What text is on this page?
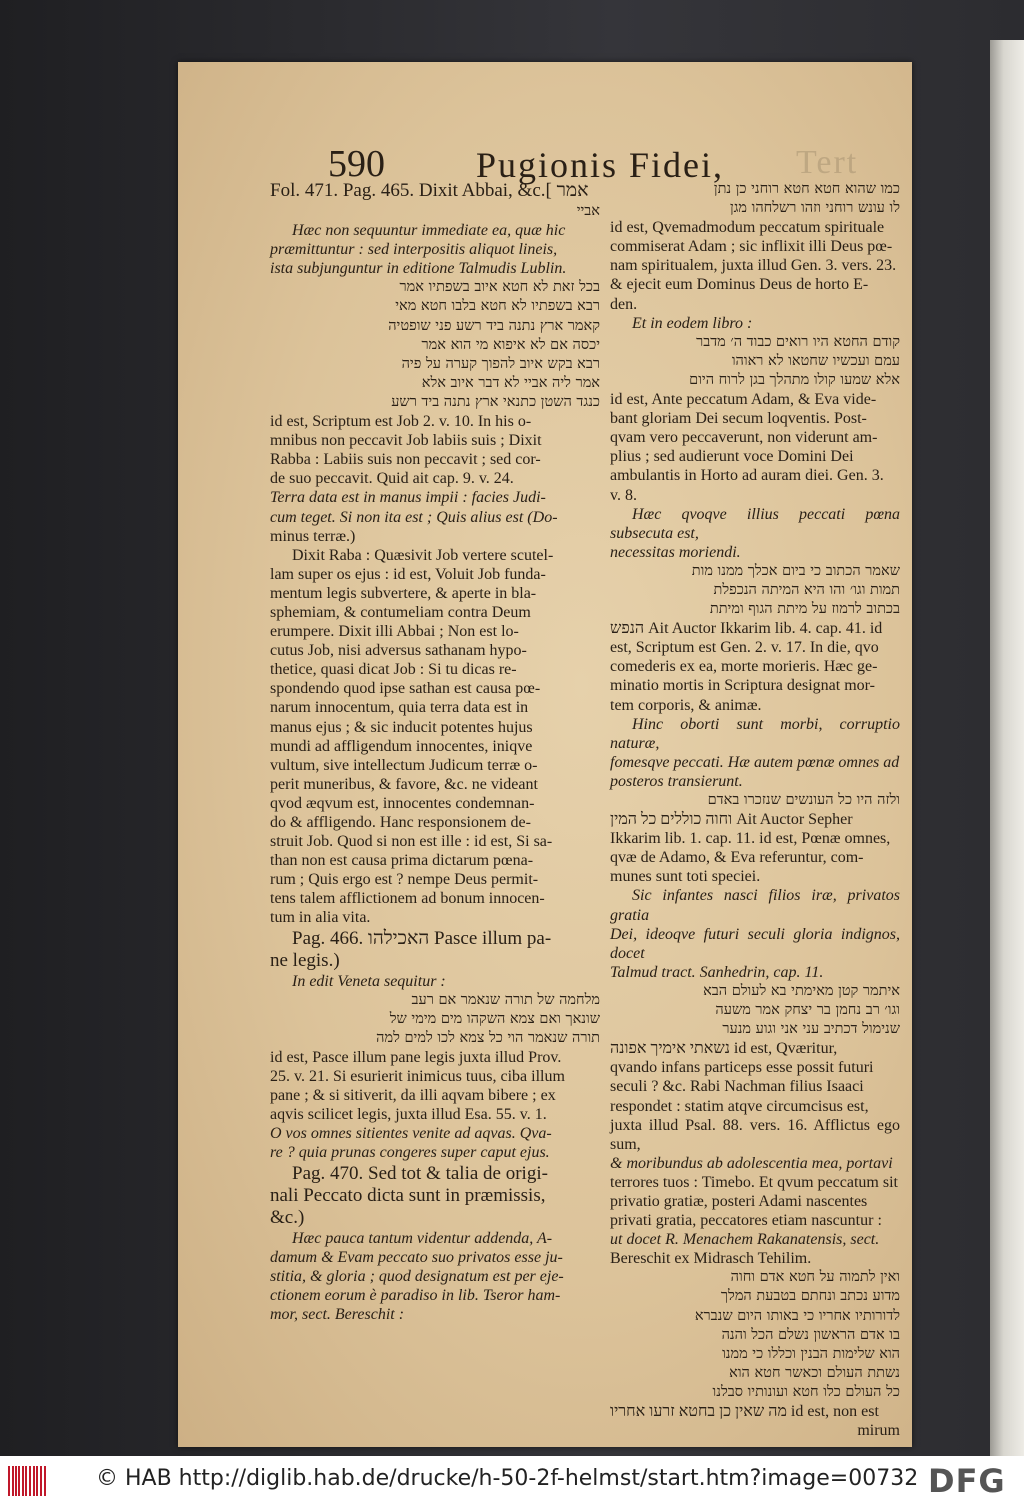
590	Pugionis Fidei, Tert

Fol. 471. Pag. 465. Dixit Abbai, &c.[ אמר

אביי

Hæc non sequuntur immediate ea, quæ hic

præmittuntur : sed interpositis aliquot lineis,

ista subjunguntur in editione Talmudis Lublin.

בכל זאת לא חטא איוב בשפתיו אמר

רבא בשפתיו לא חטא בלבו חטא מאי

קאמר ארץ נתנה ביד רשע פני שופטיה

יכסה אם לא איפוא מי הוא אמר

רבא בקש איוב להפוך קערה על פיה

אמר ליה אביי לא דבר איוב אלא

כנגד השטן כתנאי ארץ נתנה ביד רשע

id est, Scriptum est Job 2. v. 10. In his o-

mnibus non peccavit Job labiis suis ; Dixit

Rabba : Labiis suis non peccavit ; sed cor-

de suo peccavit. Quid ait cap. 9. v. 24.

Terra data est in manus impii : facies Judi-

cum teget. Si non ita est ; Quis alius est (Do-

minus terræ.)

Dixit Raba : Quæsivit Job vertere scutel-

lam super os ejus : id est, Voluit Job funda-

mentum legis subvertere, & aperte in bla-

sphemiam, & contumeliam contra Deum

erumpere. Dixit illi Abbai ; Non est lo-

cutus Job, nisi adversus sathanam hypo-

thetice, quasi dicat Job : Si tu dicas re-

spondendo quod ipse sathan est causa pœ-

narum innocentum, quia terra data est in

manus ejus ; & sic inducit potentes hujus

mundi ad affligendum innocentes, iniqve

vultum, sive intellectum Judicum terræ o-

perit muneribus, & favore, &c. ne videant

qvod æqvum est, innocentes condemnan-

do & affligendo. Hanc responsionem de-

struit Job. Quod si non est ille : id est, Si sa-

than non est causa prima dictarum pœna-

rum ; Quis ergo est ? nempe Deus permit-

tens talem afflictionem ad bonum innocen-

tum in alia vita.

Pag. 466. האכילהו Pasce illum pa-

ne legis.)

In edit Veneta sequitur :

מלחמה של תורה שנאמר אם רעב

שונאך ואם צמא השקהו מים מימי של

תורה שנאמר הוי כל צמא לכו למים למה

id est, Pasce illum pane legis juxta illud Prov.

25. v. 21. Si esurierit inimicus tuus, ciba illum

pane ; & si sitiverit, da illi aqvam bibere ; ex

aqvis scilicet legis, juxta illud Esa. 55. v. 1.

O vos omnes sitientes venite ad aqvas. Qva-

re ? quia prunas congeres super caput ejus.

Pag. 470. Sed tot & talia de origi-

nali Peccato dicta sunt in præmissis,

&c.)

Hæc pauca tantum videntur addenda, A-

damum & Evam peccato suo privatos esse ju-

stitia, & gloria ; quod designatum est per eje-

ctionem eorum è paradiso in lib. Tseror ham-

mor, sect. Bereschit :

כמו שהוא חטא חטא רוחני כן נתן

לו עונש רוחני וזהו רשלחהו מגן

id est, Qvemadmodum peccatum spirituale

commiserat Adam ; sic inflixit illi Deus pœ-

nam spiritualem, juxta illud Gen. 3. vers. 23.

& ejecit eum Dominus Deus de horto E-

den.

Et in eodem libro :

קודם החטא היו רואים כבוד ה׳ מדבר

עמם ועכשיו שחטאו לא ראוהו

אלא שמעו קולו מתהלך בגן לרוח היום

id est, Ante peccatum Adam, & Eva vide-

bant gloriam Dei secum loqventis. Post-

qvam vero peccaverunt, non viderunt am-

plius ; sed audierunt voce Domini Dei

ambulantis in Horto ad auram diei. Gen. 3.

v. 8.

Hæc qvoqve illius peccati pœna subsecuta est,

necessitas moriendi.

שאמר הכתוב כי ביום אכלך ממנו מות

תמות וגו׳ והו היא המיתה הנכפלת

בכתוב לרמוז על מיתת הגוף ומיתת

הנפש Ait Auctor Ikkarim lib. 4. cap. 41. id

est, Scriptum est Gen. 2. v. 17. In die, qvo

comederis ex ea, morte morieris. Hæc ge-

minatio mortis in Scriptura designat mor-

tem corporis, & animæ.

Hinc oborti sunt morbi, corruptio naturæ,

fomesqve peccati. Hæ autem pœnæ omnes ad

posteros transierunt.

ולזה היו כל העונשים שנזכרו באדם

וחוה כוללים כל המין Ait Auctor Sepher

Ikkarim lib. 1. cap. 11. id est, Pœnæ omnes,

qvæ de Adamo, & Eva referuntur, com-

munes sunt toti speciei.

Sic infantes nasci filios iræ, privatos gratia

Dei, ideoqve futuri seculi gloria indignos, docet

Talmud tract. Sanhedrin, cap. 11.

איתמר קטן מאימתי בא לעולם הבא

וגו׳ רב נחמן בר יצחק אמר משעה

שנימול דכתיב עני אני וגוע מנער

נשאתי אימיך אפונה id est, Qværitur,

qvando infans particeps esse possit futuri

seculi ? &c. Rabi Nachman filius Isaaci

respondet : statim atqve circumcisus est,

juxta illud Psal. 88. vers. 16. Afflictus ego sum,

& moribundus ab adolescentia mea, portavi

terrores tuos : Timebo. Et qvum peccatum sit

privatio gratiæ, posteri Adami nascentes

privati gratia, peccatores etiam nascuntur :

ut docet R. Menachem Rakanatensis, sect.

Bereschit ex Midrasch Tehilim.

ואין לתמוה על חטא אדם וחוה

מדוע נכתב ונחתם בטבעת המלך

לדורותיו אחריו כי באותו היום שנברא

בו אדם הראשון נשלם הכל והנה

הוא שלימות הבנין וכללו כי ממנו

נשתת העולם וכאשר חטא הוא

כל העולם כלו חטא ועונותיו סבלנו

מה שאין כן בחטא זרעו אחריו id est, non est

mirum

© HAB http://diglib.hab.de/drucke/h-50-2f-helmst/start.htm?image=00732 DFG
